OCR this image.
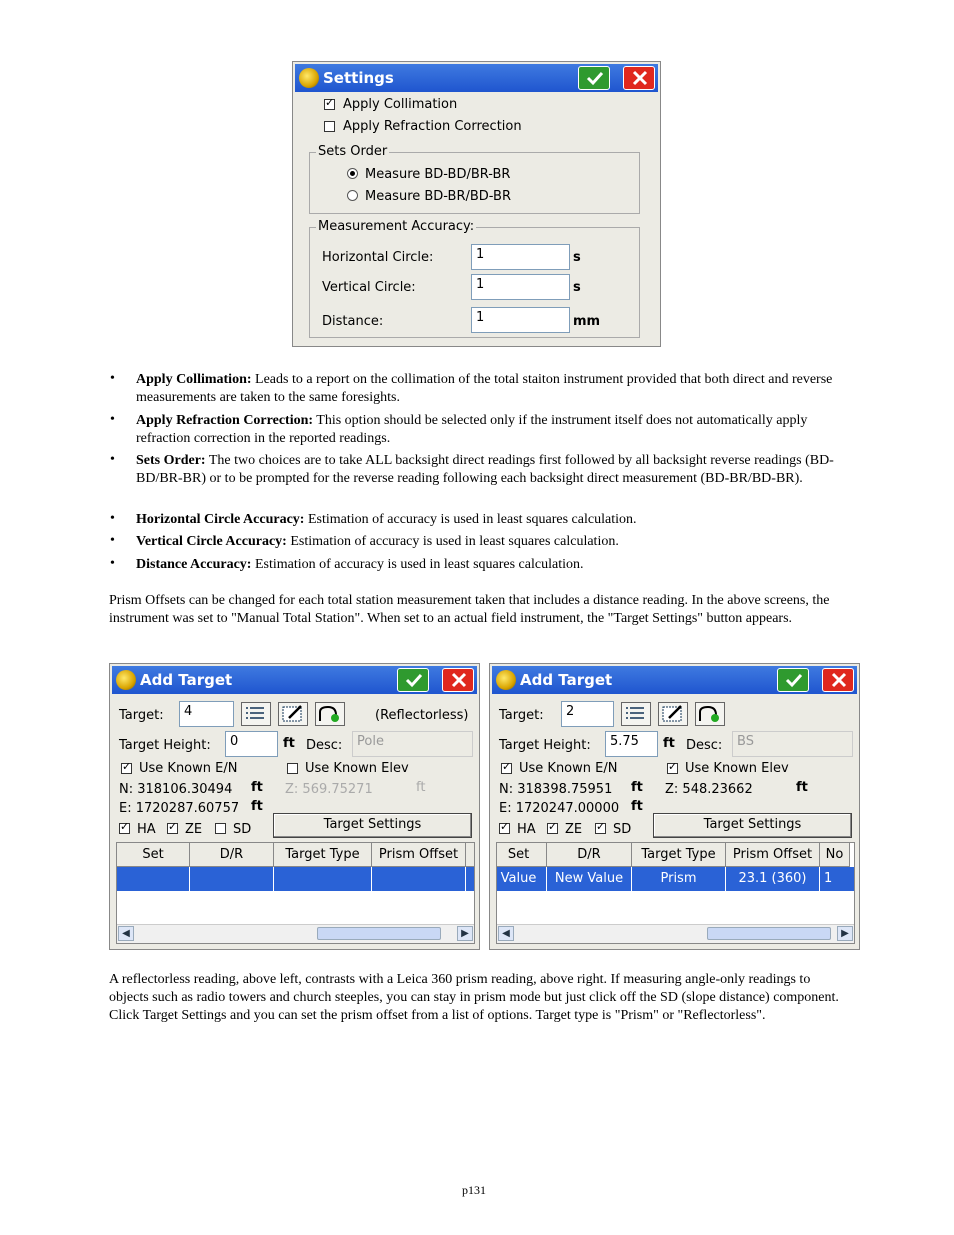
Settings
✓
Apply Collimation
Apply Refraction Correction
Sets Order
Measure BD-BD/BR-BR
Measure BD-BR/BD-BR
Measurement Accuracy:
Horizontal Circle:	1	s
Vertical Circle:	1	s
Distance:	1	mm
• Apply Collimation: Leads to a report on the collimation of the total staiton instrument provided that both direct and reverse measurements are taken to the same foresights.
• Apply Refraction Correction: This option should be selected only if the instrument itself does not automatically apply refraction correction in the reported readings.
• Sets Order: The two choices are to take ALL backsight direct readings first followed by all backsight reverse readings (BD-BD/BR-BR) or to be prompted for the reverse reading following each backsight direct measurement (BD-BR/BD-BR).
• Horizontal Circle Accuracy: Estimation of accuracy is used in least squares calculation.
• Vertical Circle Accuracy: Estimation of accuracy is used in least squares calculation.
• Distance Accuracy: Estimation of accuracy is used in least squares calculation.
Prism Offsets can be changed for each total station measurement taken that includes a distance reading. In the above screens, the instrument was set to "Manual Total Station". When set to an actual field instrument, the "Target Settings" button appears.
Add Target
Target:	4	(Reflectorless)
Target Height:	0	ft Desc:	Pole
✓
Use Known E/N	Use Known Elev
N: 318106.30494 ft Z: 569.75271	ft
E: 1720287.60757 ft
✓
HA ✓ ZE SD	Target Settings
Set	D/R	Target Type	Prism Offset
◀	▶
Add Target
Target:	2
Target Height:	5.75	ft Desc:	BS
✓
Use Known E/N ✓	Use Known Elev
N: 318398.75951 ft Z: 548.23662	ft
E: 1720247.00000 ft
✓
HA ✓ ZE ✓ SD	Target Settings
Set	D/R	Target Type	Prism Offset	No
Value	New Value	Prism	23.1 (360)	1
◀	▶
A reflectorless reading, above left, contrasts with a Leica 360 prism reading, above right. If measuring angle-only readings to objects such as radio towers and church steeples, you can stay in prism mode but just click off the SD (slope distance) component. Click Target Settings and you can set the prism offset from a list of options. Target type is "Prism" or "Reflectorless".
p131
